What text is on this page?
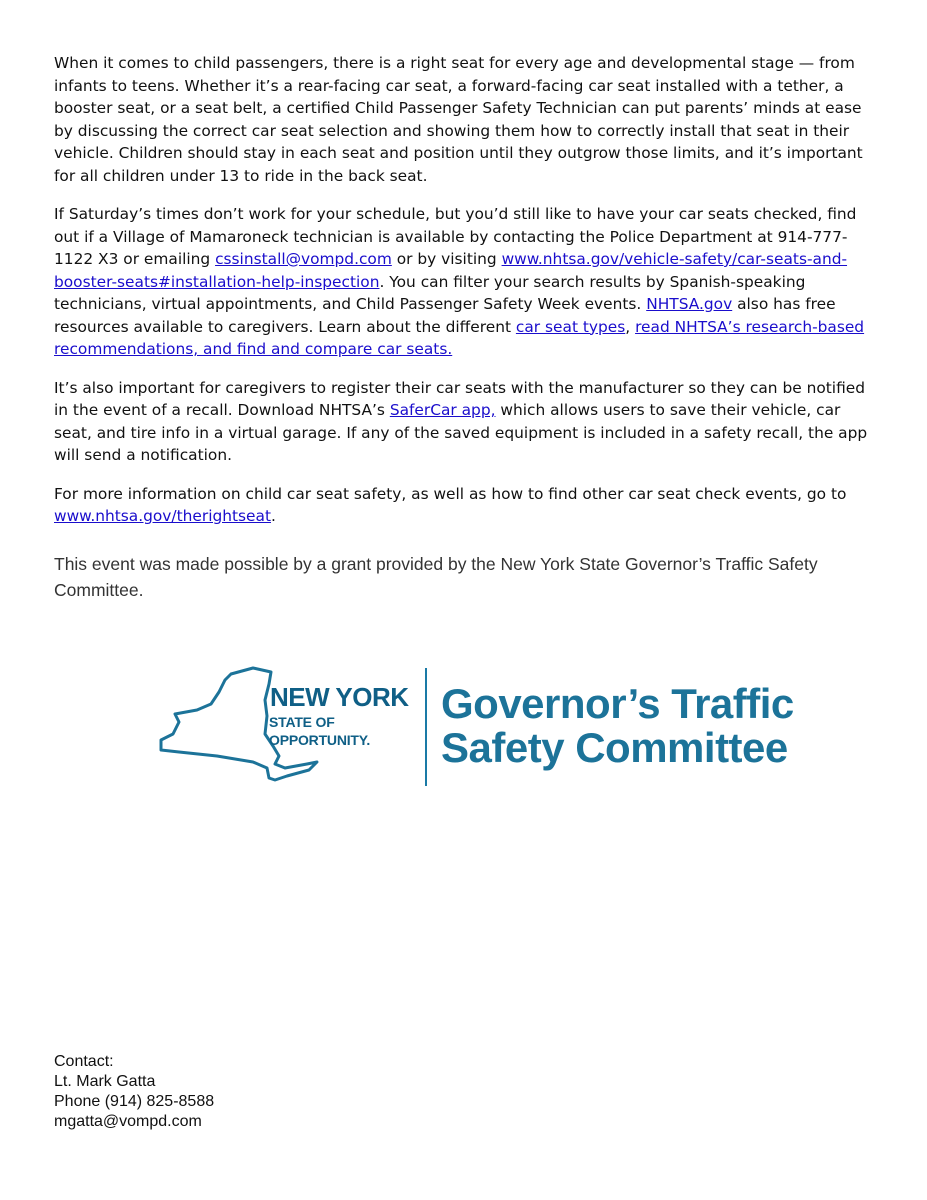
When it comes to child passengers, there is a right seat for every age and developmental stage — from infants to teens. Whether it’s a rear-facing car seat, a forward-facing car seat installed with a tether, a booster seat, or a seat belt, a certified Child Passenger Safety Technician can put parents’ minds at ease by discussing the correct car seat selection and showing them how to correctly install that seat in their vehicle. Children should stay in each seat and position until they outgrow those limits, and it’s important for all children under 13 to ride in the back seat.

If Saturday’s times don’t work for your schedule, but you’d still like to have your car seats checked, find out if a Village of Mamaroneck technician is available by contacting the Police Department at 914-777-1122 X3 or emailing cssinstall@vompd.com or by visiting www.nhtsa.gov/vehicle-safety/car-seats-and-booster-seats#installation-help-inspection. You can filter your search results by Spanish-speaking technicians, virtual appointments, and Child Passenger Safety Week events. NHTSA.gov also has free resources available to caregivers. Learn about the different car seat types, read NHTSA’s research-based recommendations, and find and compare car seats.

It’s also important for caregivers to register their car seats with the manufacturer so they can be notified in the event of a recall. Download NHTSA’s SaferCar app, which allows users to save their vehicle, car seat, and tire info in a virtual garage. If any of the saved equipment is included in a safety recall, the app will send a notification.

For more information on child car seat safety, as well as how to find other car seat check events, go to www.nhtsa.gov/therightseat.

This event was made possible by a grant provided by the New York State Governor’s Traffic Safety Committee.

NEW YORK
STATE OF
OPPORTUNITY.
Governor’s Traffic
Safety Committee
Contact:
Lt. Mark Gatta
Phone (914) 825-8588
mgatta@vompd.com
